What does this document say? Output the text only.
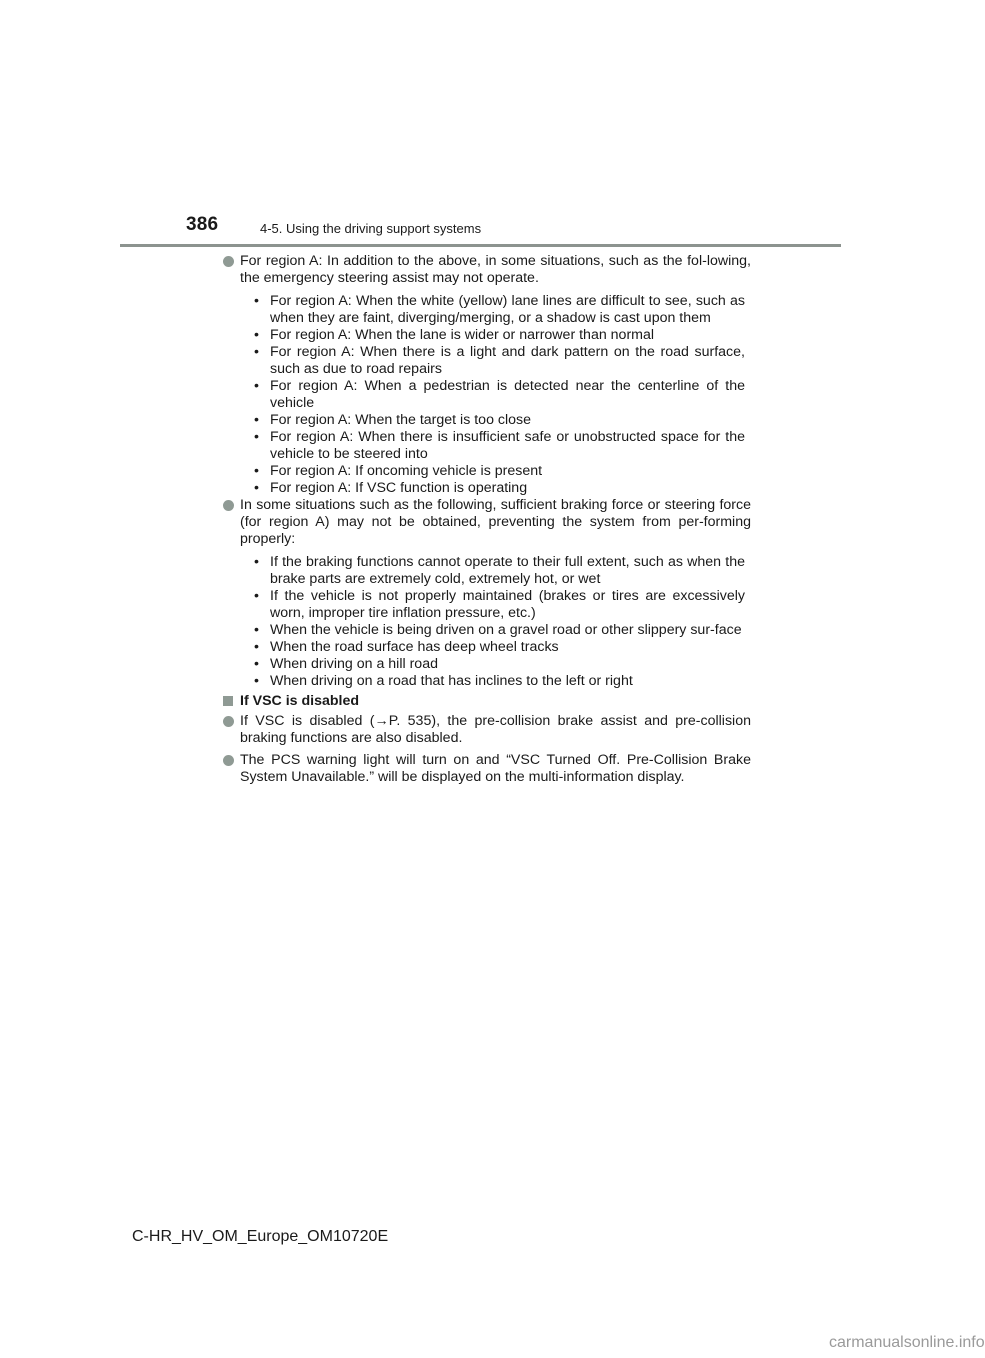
386	4-5. Using the driving support systems
For region A: In addition to the above, in some situations, such as the fol-lowing, the emergency steering assist may not operate.
• For region A: When the white (yellow) lane lines are difficult to see, such as when they are faint, diverging/merging, or a shadow is cast upon them
• For region A: When the lane is wider or narrower than normal
• For region A: When there is a light and dark pattern on the road surface, such as due to road repairs
• For region A: When a pedestrian is detected near the centerline of the vehicle
• For region A: When the target is too close
• For region A: When there is insufficient safe or unobstructed space for the vehicle to be steered into
• For region A: If oncoming vehicle is present
• For region A: If VSC function is operating
In some situations such as the following, sufficient braking force or steering force (for region A) may not be obtained, preventing the system from per-forming properly:
• If the braking functions cannot operate to their full extent, such as when the brake parts are extremely cold, extremely hot, or wet
• If the vehicle is not properly maintained (brakes or tires are excessively worn, improper tire inflation pressure, etc.)
• When the vehicle is being driven on a gravel road or other slippery sur-face
• When the road surface has deep wheel tracks
• When driving on a hill road
• When driving on a road that has inclines to the left or right
If VSC is disabled
If VSC is disabled (→P. 535), the pre-collision brake assist and pre-collision braking functions are also disabled.
The PCS warning light will turn on and “VSC Turned Off. Pre-Collision Brake System Unavailable.” will be displayed on the multi-information display.
C-HR_HV_OM_Europe_OM10720E
carmanualsonline.info
